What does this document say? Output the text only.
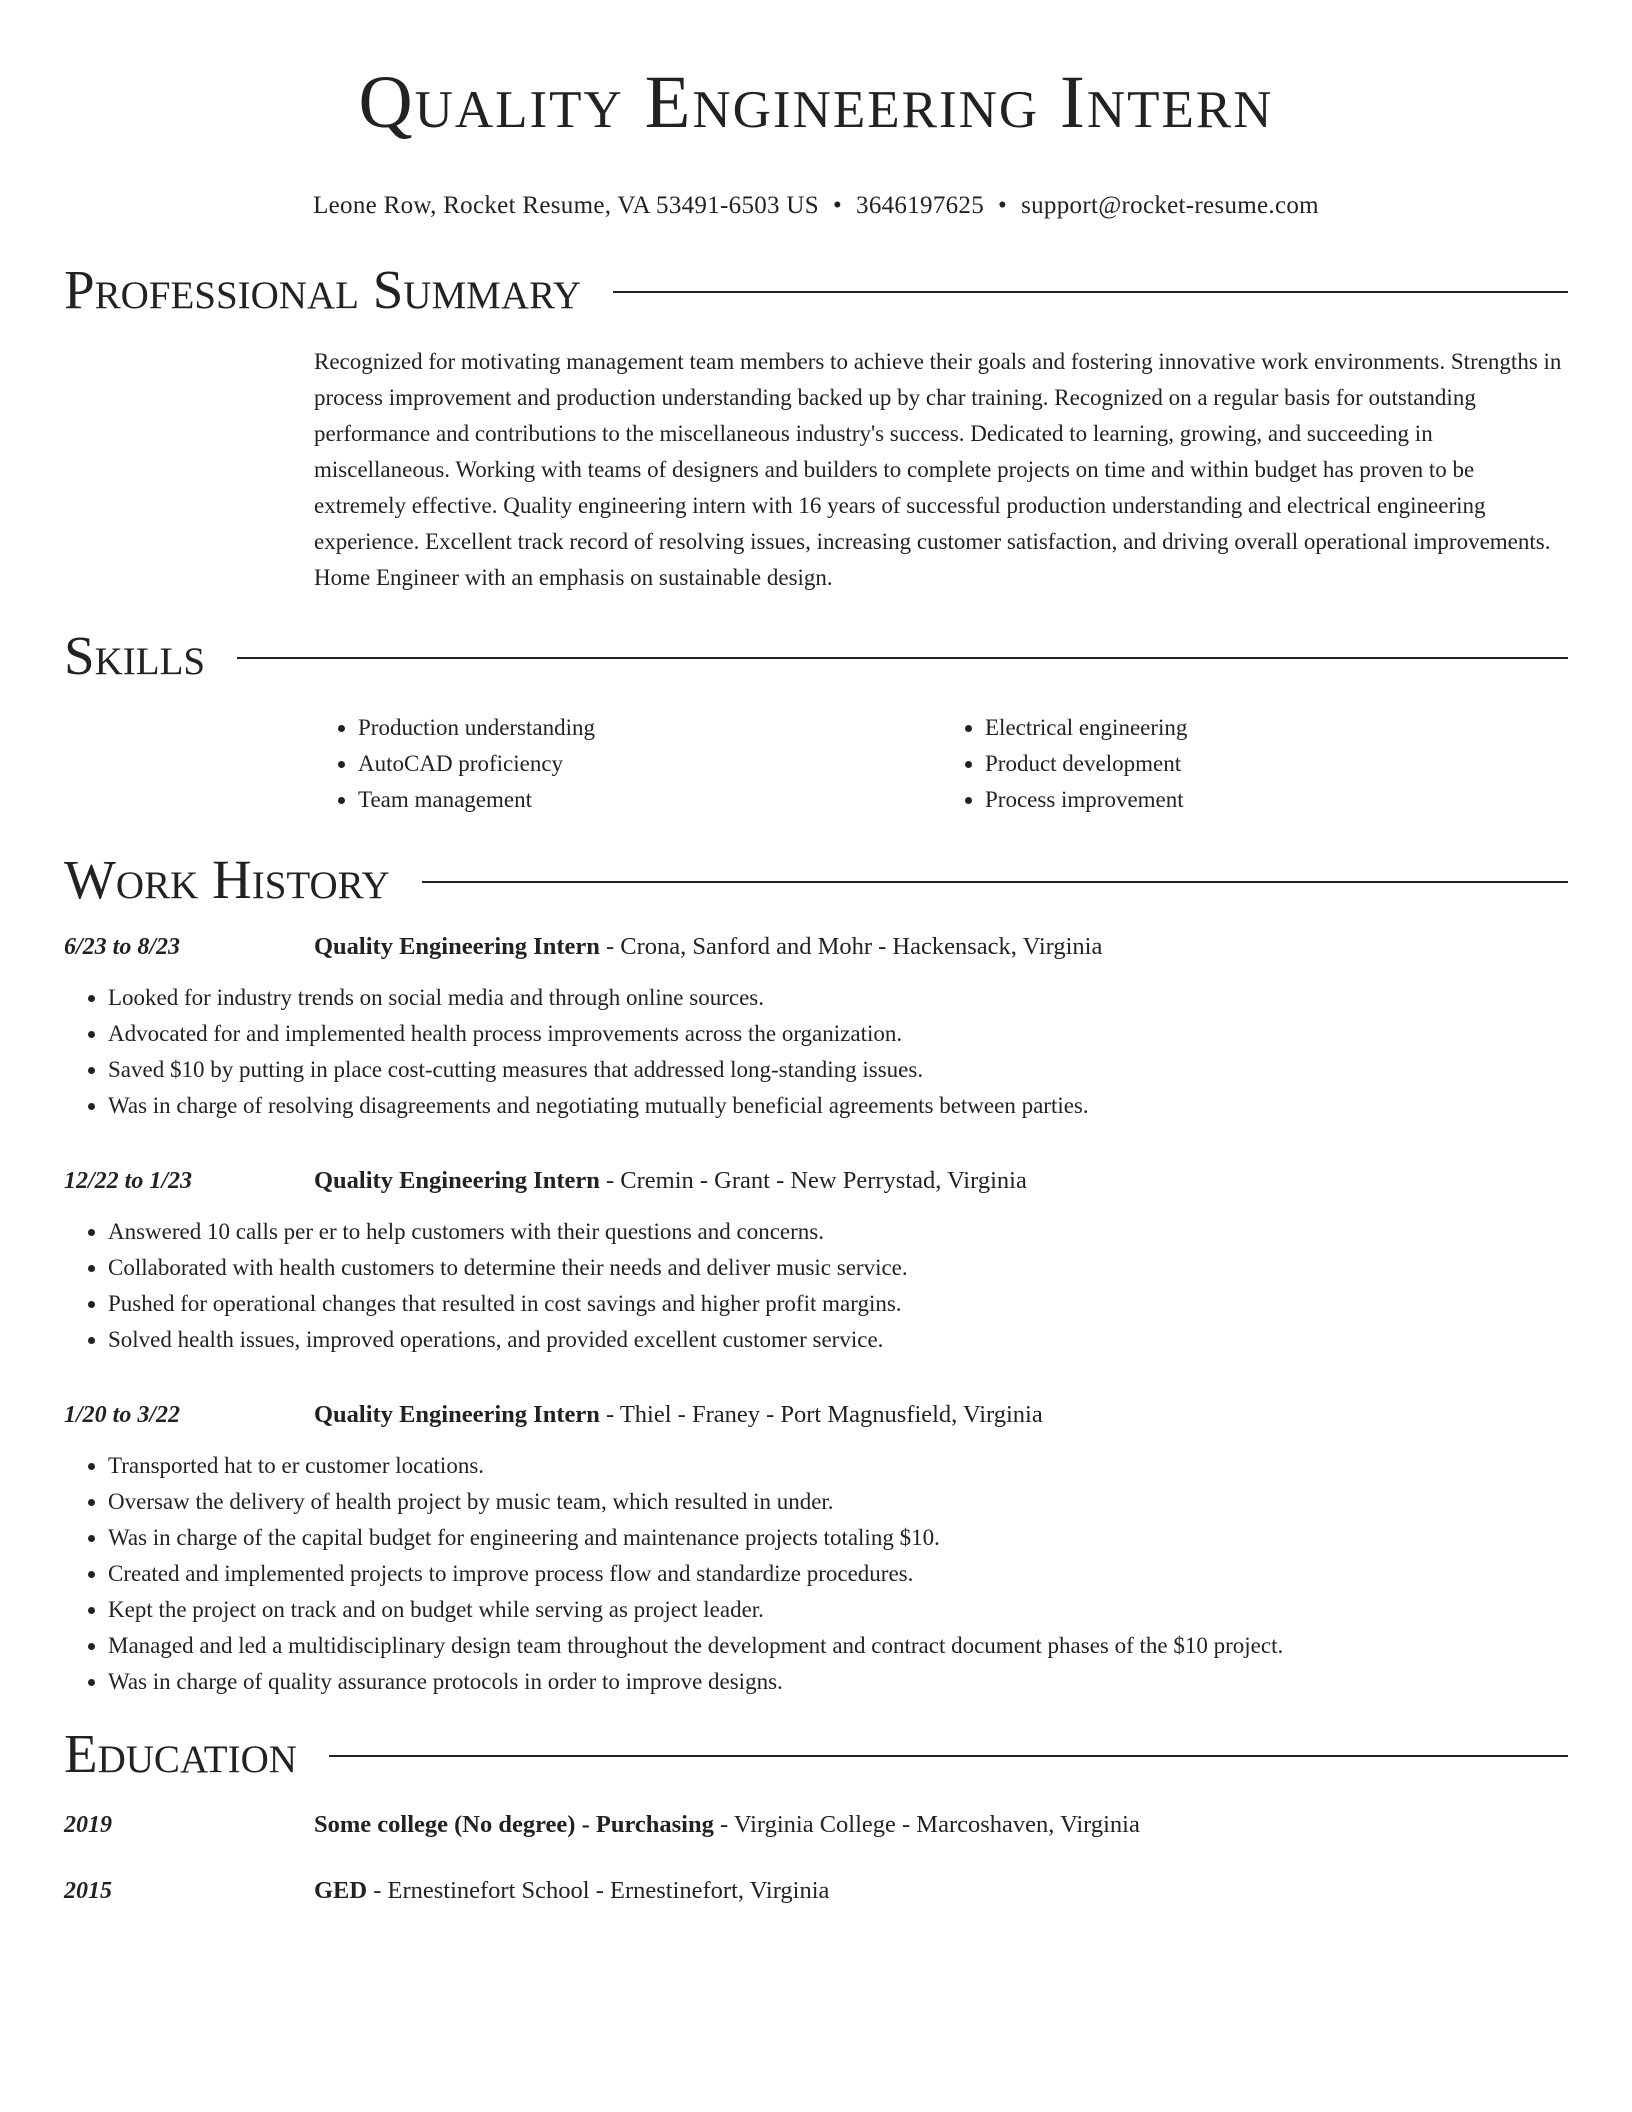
Quality Engineering Intern
Leone Row, Rocket Resume, VA 53491-6503 US • 3646197625 • support@rocket-resume.com
Professional Summary
Recognized for motivating management team members to achieve their goals and fostering innovative work environments. Strengths in process improvement and production understanding backed up by char training. Recognized on a regular basis for outstanding performance and contributions to the miscellaneous industry's success. Dedicated to learning, growing, and succeeding in miscellaneous. Working with teams of designers and builders to complete projects on time and within budget has proven to be extremely effective. Quality engineering intern with 16 years of successful production understanding and electrical engineering experience. Excellent track record of resolving issues, increasing customer satisfaction, and driving overall operational improvements. Home Engineer with an emphasis on sustainable design.
Skills
• Production understanding
• AutoCAD proficiency
• Team management
• Electrical engineering
• Product development
• Process improvement
Work History
6/23 to 8/23	Quality Engineering Intern - Crona, Sanford and Mohr - Hackensack, Virginia
• Looked for industry trends on social media and through online sources.
• Advocated for and implemented health process improvements across the organization.
• Saved $10 by putting in place cost-cutting measures that addressed long-standing issues.
• Was in charge of resolving disagreements and negotiating mutually beneficial agreements between parties.
12/22 to 1/23	Quality Engineering Intern - Cremin - Grant - New Perrystad, Virginia
• Answered 10 calls per er to help customers with their questions and concerns.
• Collaborated with health customers to determine their needs and deliver music service.
• Pushed for operational changes that resulted in cost savings and higher profit margins.
• Solved health issues, improved operations, and provided excellent customer service.
1/20 to 3/22	Quality Engineering Intern - Thiel - Franey - Port Magnusfield, Virginia
• Transported hat to er customer locations.
• Oversaw the delivery of health project by music team, which resulted in under.
• Was in charge of the capital budget for engineering and maintenance projects totaling $10.
• Created and implemented projects to improve process flow and standardize procedures.
• Kept the project on track and on budget while serving as project leader.
• Managed and led a multidisciplinary design team throughout the development and contract document phases of the $10 project.
• Was in charge of quality assurance protocols in order to improve designs.
Education
2019	Some college (No degree) - Purchasing - Virginia College - Marcoshaven, Virginia
2015	GED - Ernestinefort School - Ernestinefort, Virginia
